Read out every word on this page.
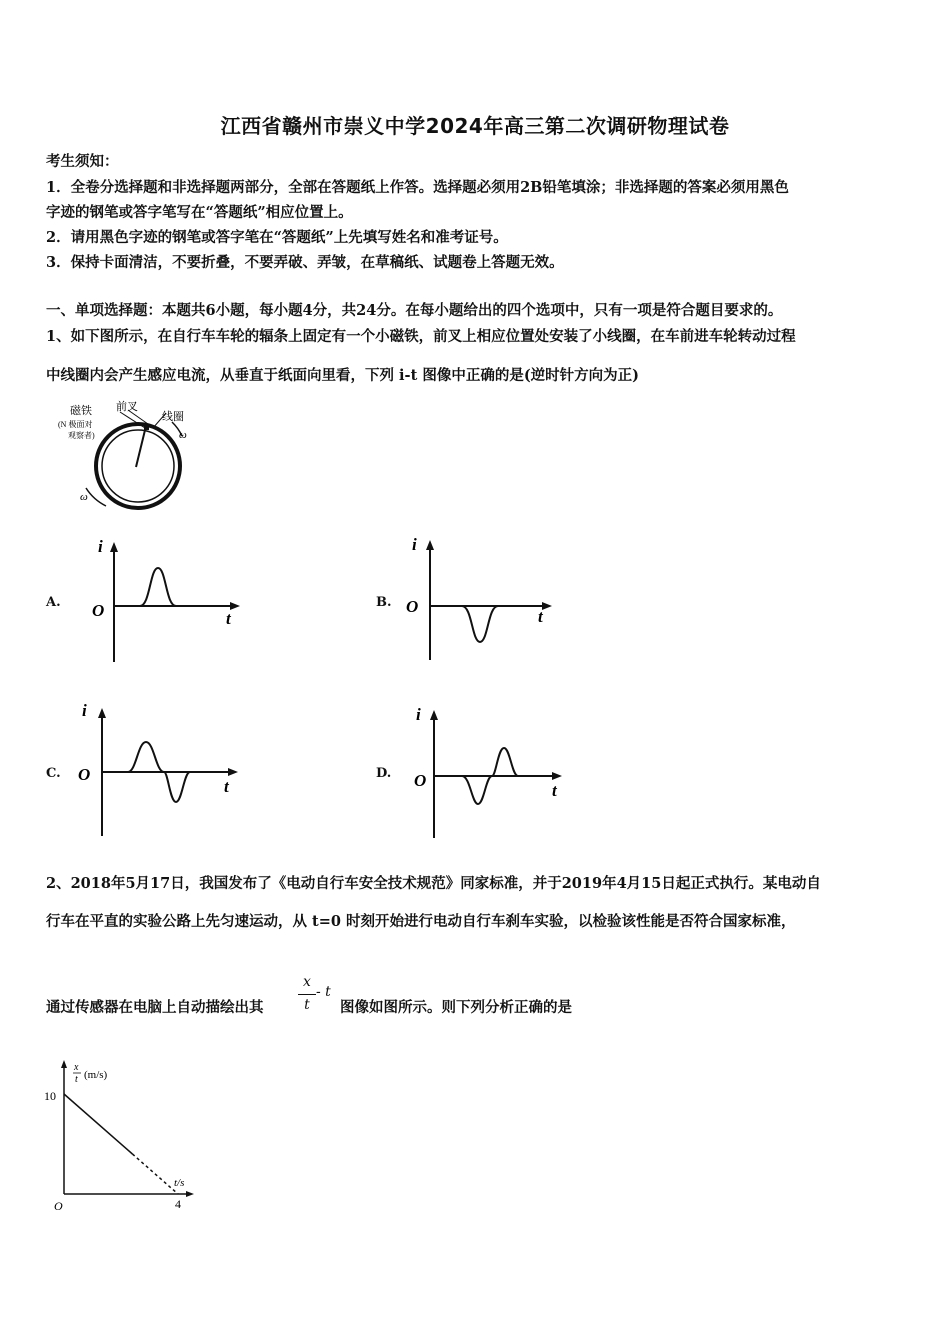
江西省赣州市崇义中学2024年高三第二次调研物理试卷
考生须知：
1．全卷分选择题和非选择题两部分，全部在答题纸上作答。选择题必须用2B铅笔填涂；非选择题的答案必须用黑色
字迹的钢笔或答字笔写在“答题纸”相应位置上。
2．请用黑色字迹的钢笔或答字笔在“答题纸”上先填写姓名和准考证号。
3．保持卡面清洁，不要折叠，不要弄破、弄皱，在草稿纸、试题卷上答题无效。
一、单项选择题：本题共6小题，每小题4分，共24分。在每小题给出的四个选项中，只有一项是符合题目要求的。
1、如下图所示，在自行车车轮的辐条上固定有一个小磁铁，前叉上相应位置处安装了小线圈，在车前进车轮转动过程
中线圈内会产生感应电流，从垂直于纸面向里看，下列 i-t 图像中正确的是(逆时针方向为正)
磁铁
(N 极面对
观察者)
前叉
线圈
ω
ω
A.
i
O	t
B.
i
O
t
C.
i
O
t
D.
i
O
t
2、2018年5月17日，我国发布了《电动自行车安全技术规范》同家标准，并于2019年4月15日起正式执行。某电动自
行车在平直的实验公路上先匀速运动，从 t=0 时刻开始进行电动自行车刹车实验，以检验该性能是否符合国家标准，
通过传感器在电脑上自动描绘出其
x
t
- t
图像如图所示。则下列分析正确的是
x
t (m/s)
10
4
t/s
O
